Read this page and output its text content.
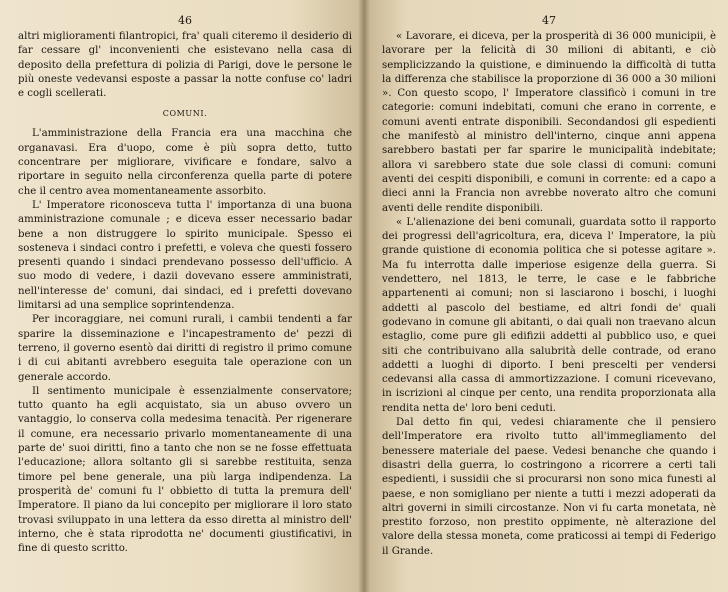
46

altri miglioramenti filantropici, fra' quali citeremo il desiderio di far cessare gl' inconvenienti che esistevano nella casa di deposito della prefettura di polizia di Parigi, dove le persone le più oneste vedevansi esposte a passar la notte confuse co' ladri e cogli scellerati.

COMUNI.

L'amministrazione della Francia era una macchina che organavasi. Era d'uopo, come è più sopra detto, tutto concentrare per migliorare, vivificare e fondare, salvo a riportare in seguito nella circonferenza quella parte di potere che il centro avea momentaneamente assorbito.

L' Imperatore riconosceva tutta l' importanza di una buona amministrazione comunale ; e diceva esser necessario badar bene a non distruggere lo spirito municipale. Spesso ei sosteneva i sindaci contro i prefetti, e voleva che questi fossero presenti quando i sindaci prendevano possesso dell'ufficio. A suo modo di vedere, i dazii dovevano essere amministrati, nell'interesse de' comuni, dai sindaci, ed i prefetti dovevano limitarsi ad una semplice soprintendenza.

Per incoraggiare, nei comuni rurali, i cambii tendenti a far sparire la disseminazione e l'incapestramento de' pezzi di terreno, il governo esentò dai diritti di registro il primo comune i di cui abitanti avrebbero eseguita tale operazione con un generale accordo.

Il sentimento municipale è essenzialmente conservatore; tutto quanto ha egli acquistato, sia un abuso ovvero un vantaggio, lo conserva colla medesima tenacità. Per rigenerare il comune, era necessario privarlo momentaneamente di una parte de' suoi diritti, fino a tanto che non se ne fosse effettuata l'educazione; allora soltanto gli si sarebbe restituita, senza timore pel bene generale, una più larga indipendenza. La prosperità de' comuni fu l' obbietto di tutta la premura dell' Imperatore. Il piano da lui concepito per migliorare il loro stato trovasi sviluppato in una lettera da esso diretta al ministro dell' interno, che è stata riprodotta ne' documenti giustificativi, in fine di questo scritto.

47

« Lavorare, ei diceva, per la prosperità di 36 000 municipii, è lavorare per la felicità di 30 milioni di abitanti, e ciò semplicizzando la quistione, e diminuendo la difficoltà di tutta la differenza che stabilisce la proporzione di 36 000 a 30 milioni ». Con questo scopo, l' Imperatore classificò i comuni in tre categorie: comuni indebitati, comuni che erano in corrente, e comuni aventi entrate disponibili. Secondandosi gli espedienti che manifestò al ministro dell'interno, cinque anni appena sarebbero bastati per far sparire le municipalità indebitate; allora vi sarebbero state due sole classi di comuni: comuni aventi dei cespiti disponibili, e comuni in corrente: ed a capo a dieci anni la Francia non avrebbe noverato altro che comuni aventi delle rendite disponibili.

« L'alienazione dei beni comunali, guardata sotto il rapporto dei progressi dell'agricoltura, era, diceva l' Imperatore, la più grande quistione di economia politica che si potesse agitare ». Ma fu interrotta dalle imperiose esigenze della guerra. Si vendettero, nel 1813, le terre, le case e le fabbriche appartenenti ai comuni; non si lasciarono i boschi, i luoghi addetti al pascolo del bestiame, ed altri fondi de' quali godevano in comune gli abitanti, o dai quali non traevano alcun estaglio, come pure gli edifizii addetti al pubblico uso, e quei siti che contribuivano alla salubrità delle contrade, od erano addetti a luoghi di diporto. I beni prescelti per vendersi cedevansi alla cassa di ammortizzazione. I comuni ricevevano, in iscrizioni al cinque per cento, una rendita proporzionata alla rendita netta de' loro beni ceduti.

Dal detto fin qui, vedesi chiaramente che il pensiero dell'Imperatore era rivolto tutto all'immegliamento del benessere materiale del paese. Vedesi benanche che quando i disastri della guerra, lo costringono a ricorrere a certi tali espedienti, i sussidii che si procurarsi non sono mica funesti al paese, e non somigliano per niente a tutti i mezzi adoperati da altri governi in simili circostanze. Non vi fu carta monetata, nè prestito forzoso, non prestito oppimente, nè alterazione del valore della stessa moneta, come praticossi ai tempi di Federigo il Grande.
